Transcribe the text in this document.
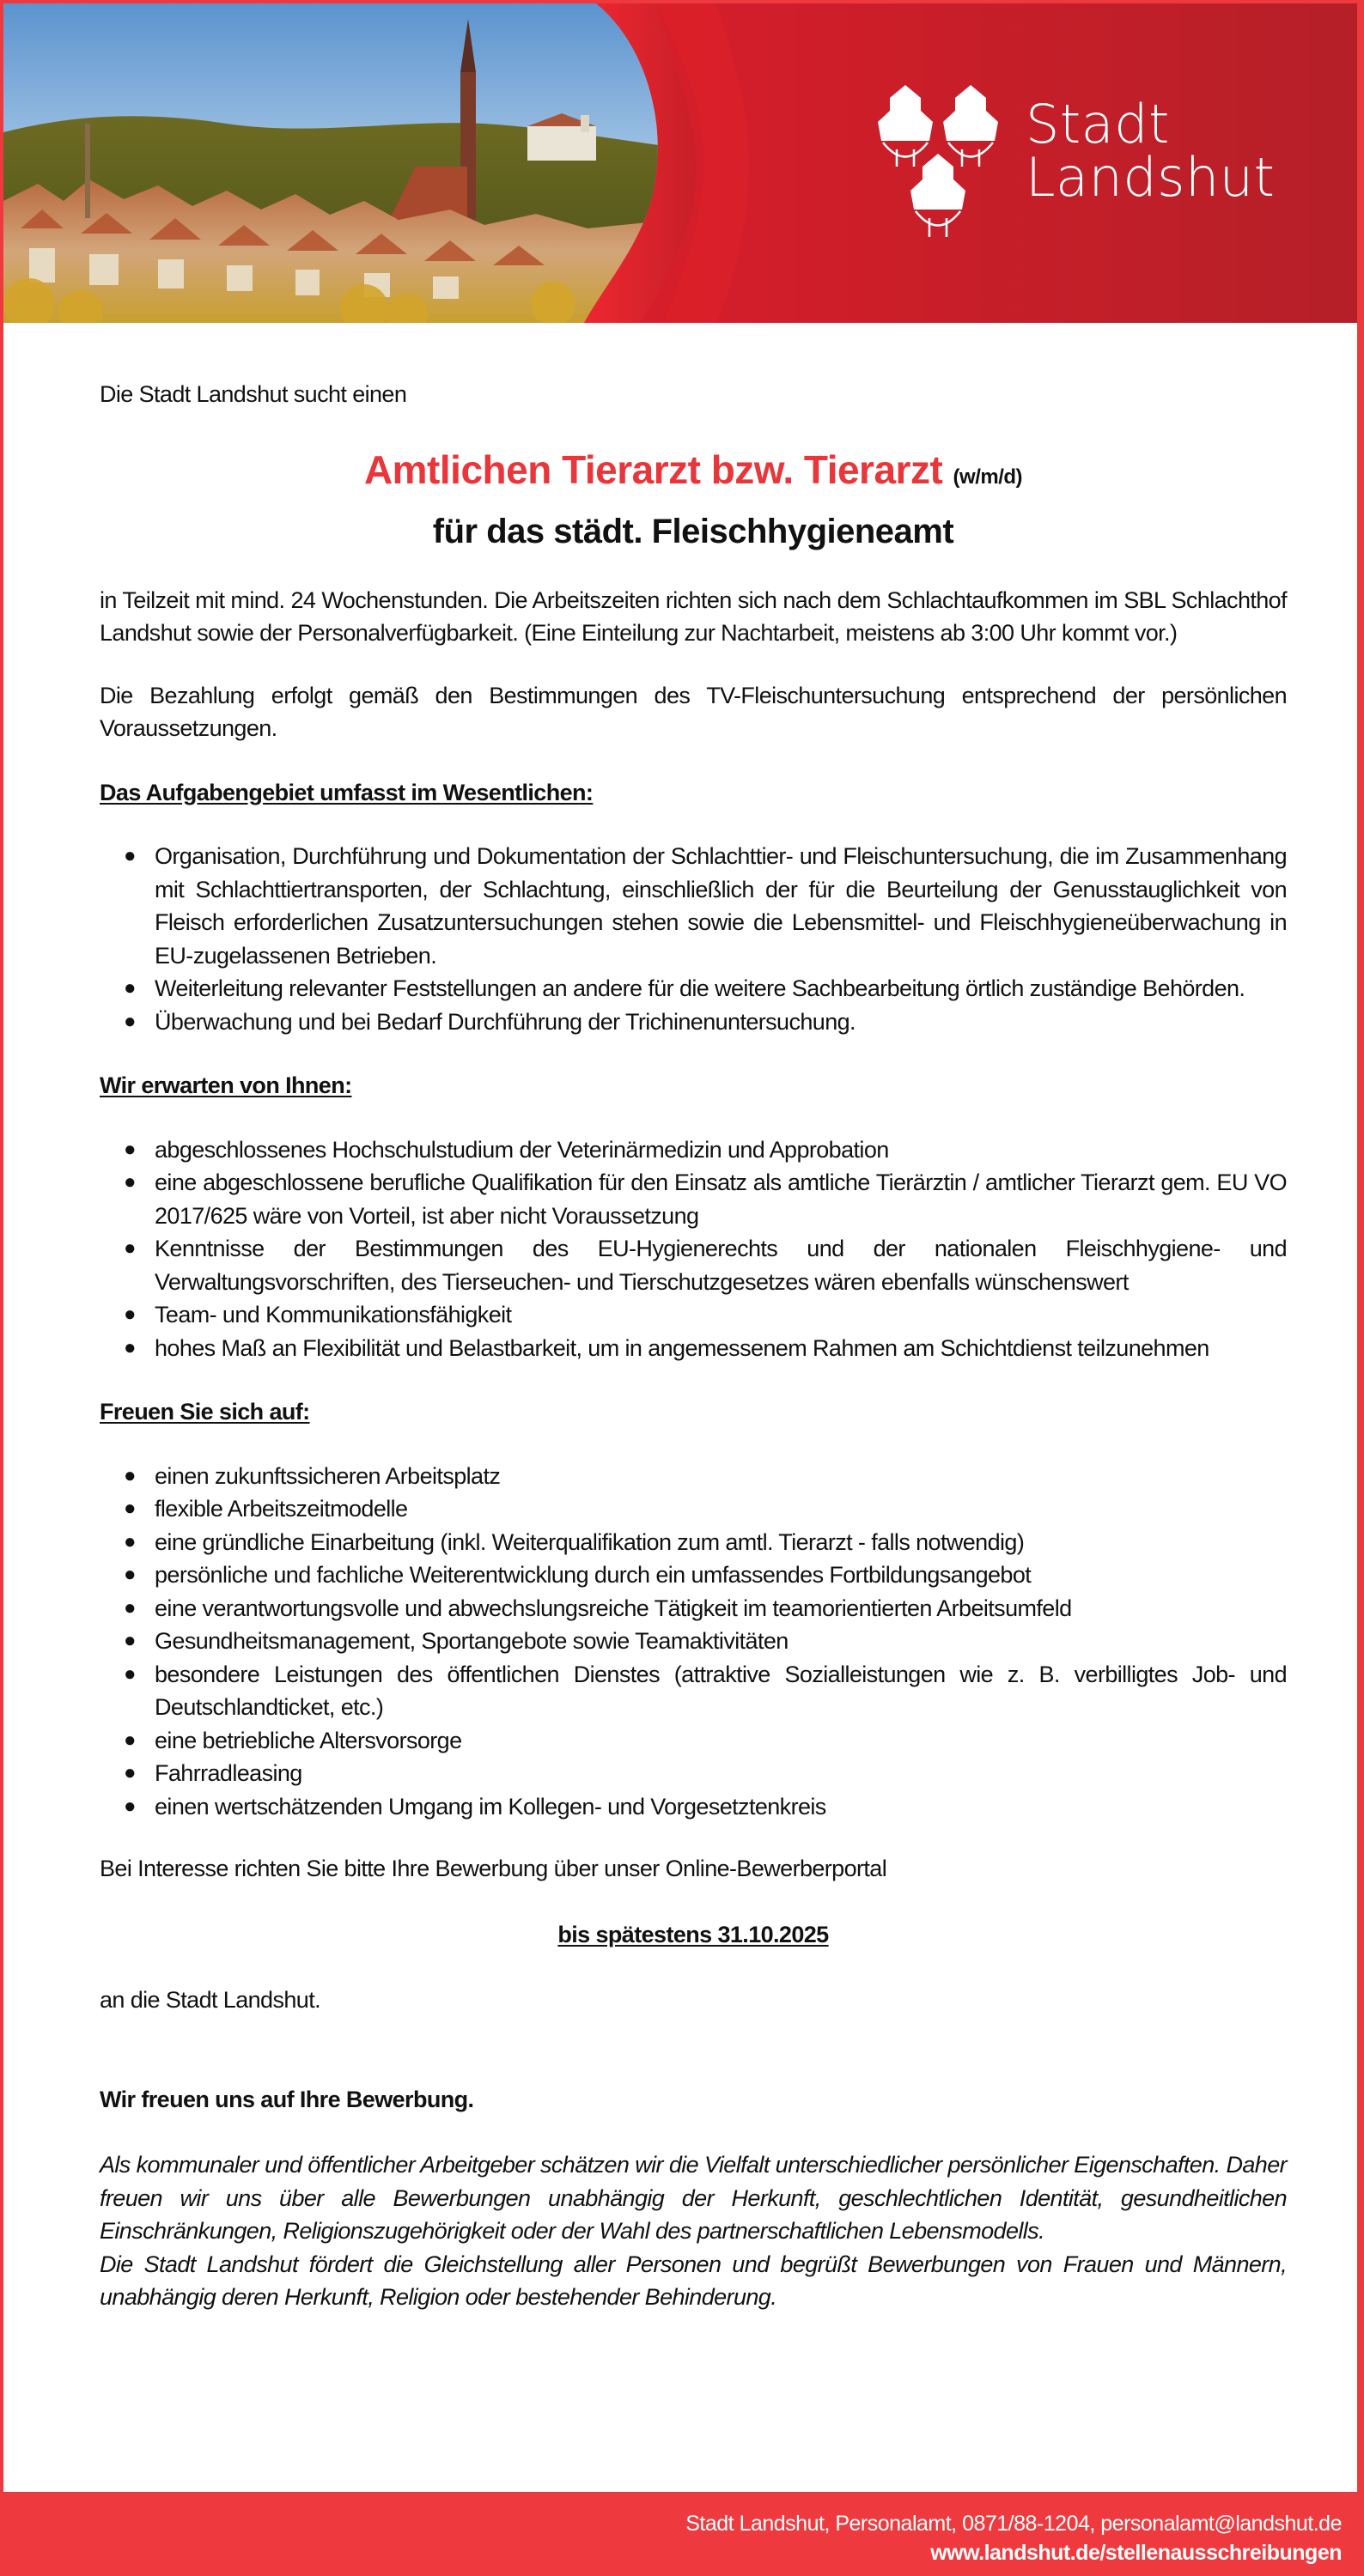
Stadt
Landshut
Die Stadt Landshut sucht einen
Amtlichen Tierarzt bzw. Tierarzt (w/m/d)
für das städt. Fleischhygieneamt

in Teilzeit mit mind. 24 Wochenstunden. Die Arbeitszeiten richten sich nach dem Schlachtaufkommen im SBL Schlachthof Landshut sowie der Personalverfügbarkeit. (Eine Einteilung zur Nachtarbeit, meistens ab 3:00 Uhr kommt vor.)

Die Bezahlung erfolgt gemäß den Bestimmungen des TV-Fleischuntersuchung entsprechend der persönlichen Voraussetzungen.

Das Aufgabengebiet umfasst im Wesentlichen:
● Organisation, Durchführung und Dokumentation der Schlachttier- und Fleischuntersuchung, die im Zusammenhang mit Schlachttiertransporten, der Schlachtung, einschließlich der für die Beurteilung der Genusstauglichkeit von Fleisch erforderlichen Zusatzuntersuchungen stehen sowie die Lebensmittel- und Fleischhygieneüberwachung in EU-zugelassenen Betrieben.
● Weiterleitung relevanter Feststellungen an andere für die weitere Sachbearbeitung örtlich zuständige Behörden.
● Überwachung und bei Bedarf Durchführung der Trichinenuntersuchung.
Wir erwarten von Ihnen:
● abgeschlossenes Hochschulstudium der Veterinärmedizin und Approbation
● eine abgeschlossene berufliche Qualifikation für den Einsatz als amtliche Tierärztin / amtlicher Tierarzt gem. EU VO 2017/625 wäre von Vorteil, ist aber nicht Voraussetzung
● Kenntnisse der Bestimmungen des EU-Hygienerechts und der nationalen Fleischhygiene- und Verwaltungsvorschriften, des Tierseuchen- und Tierschutzgesetzes wären ebenfalls wünschenswert
● Team- und Kommunikationsfähigkeit
● hohes Maß an Flexibilität und Belastbarkeit, um in angemessenem Rahmen am Schichtdienst teilzunehmen
Freuen Sie sich auf:
● einen zukunftssicheren Arbeitsplatz
● flexible Arbeitszeitmodelle
● eine gründliche Einarbeitung (inkl. Weiterqualifikation zum amtl. Tierarzt - falls notwendig)
● persönliche und fachliche Weiterentwicklung durch ein umfassendes Fortbildungsangebot
● eine verantwortungsvolle und abwechslungsreiche Tätigkeit im teamorientierten Arbeitsumfeld
● Gesundheitsmanagement, Sportangebote sowie Teamaktivitäten
● besondere Leistungen des öffentlichen Dienstes (attraktive Sozialleistungen wie z. B. verbilligtes Job- und Deutschlandticket, etc.)
● eine betriebliche Altersvorsorge
● Fahrradleasing
● einen wertschätzenden Umgang im Kollegen- und Vorgesetztenkreis

Bei Interesse richten Sie bitte Ihre Bewerbung über unser Online-Bewerberportal

bis spätestens 31.10.2025
an die Stadt Landshut.
Wir freuen uns auf Ihre Bewerbung.

Als kommunaler und öffentlicher Arbeitgeber schätzen wir die Vielfalt unterschiedlicher persönlicher Eigenschaften. Daher freuen wir uns über alle Bewerbungen unabhängig der Herkunft, geschlechtlichen Identität, gesundheitlichen Einschränkungen, Religionszugehörigkeit oder der Wahl des partnerschaftlichen Lebensmodells.
Die Stadt Landshut fördert die Gleichstellung aller Personen und begrüßt Bewerbungen von Frauen und Männern, unabhängig deren Herkunft, Religion oder bestehender Behinderung.

Stadt Landshut, Personalamt, 0871/88-1204, personalamt@landshut.de
www.landshut.de/stellenausschreibungen
